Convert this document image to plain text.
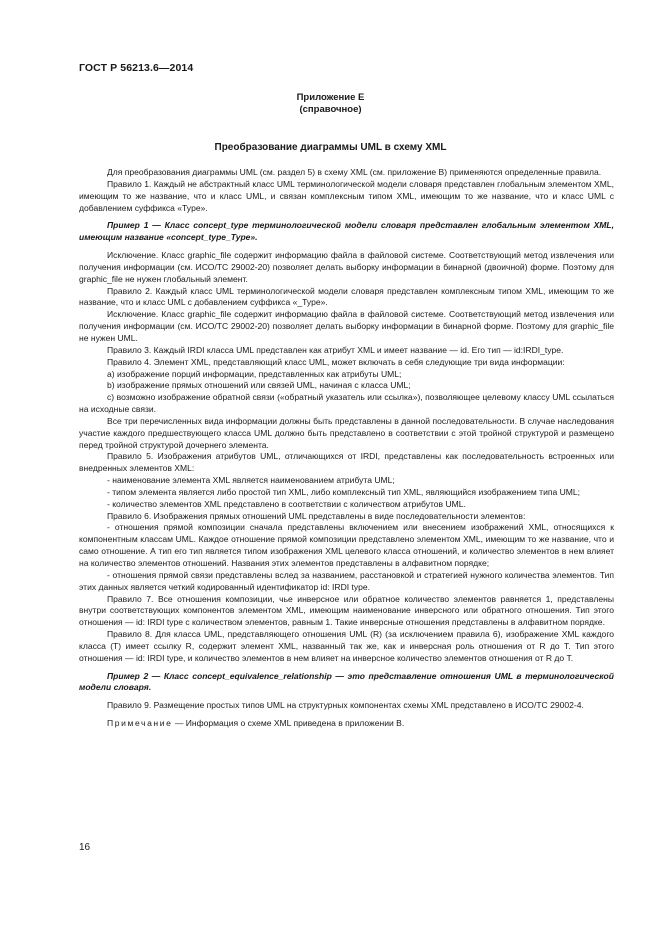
ГОСТ Р 56213.6—2014
Приложение Е
(справочное)
Преобразование диаграммы UML в схему XML

Для преобразования диаграммы UML (см. раздел 5) в схему XML (см. приложение В) применяются определенные правила.

Правило 1. Каждый не абстрактный класс UML терминологической модели словаря представлен глобальным элементом XML, имеющим то же название, что и класс UML, и связан комплексным типом XML, имеющим то же название, что и класс UML с добавлением суффикса «Type».

Пример 1 — Класс concept_type терминологической модели словаря представлен глобальным элементом XML, имеющим название «concept_type_Type».

Исключение. Класс graphic_file содержит информацию файла в файловой системе. Соответствующий метод извлечения или получения информации (см. ИСО/ТС 29002-20) позволяет делать выборку информации в бинарной (двоичной) форме. Поэтому для graphic_file не нужен глобальный элемент.

Правило 2. Каждый класс UML терминологической модели словаря представлен комплексным типом XML, имеющим то же название, что и класс UML с добавлением суффикса «_Type».

Исключение. Класс graphic_file содержит информацию файла в файловой системе. Соответствующий метод извлечения или получения информации (см. ИСО/ТС 29002-20) позволяет делать выборку информации в бинарной форме. Поэтому для graphic_file не нужен UML.

Правило 3. Каждый IRDI класса UML представлен как атрибут XML и имеет название — id. Его тип — id:IRDI_type.

Правило 4. Элемент XML, представляющий класс UML, может включать в себя следующие три вида информации:

a) изображение порций информации, представленных как атрибуты UML;

b) изображение прямых отношений или связей UML, начиная с класса UML;

c) возможно изображение обратной связи («обратный указатель или ссылка»), позволяющее целевому классу UML ссылаться на исходные связи.

Все три перечисленных вида информации должны быть представлены в данной последовательности. В случае наследования участие каждого предшествующего класса UML должно быть представлено в соответствии с этой тройной структурой и размещено перед тройной структурой дочернего элемента.

Правило 5. Изображения атрибутов UML, отличающихся от IRDI, представлены как последовательность встроенных или внедренных элементов XML:

- наименование элемента XML является наименованием атрибута UML;

- типом элемента является либо простой тип XML, либо комплексный тип XML, являющийся изображением типа UML;

- количество элементов XML представлено в соответствии с количеством атрибутов UML.

Правило 6. Изображения прямых отношений UML представлены в виде последовательности элементов:

- отношения прямой композиции сначала представлены включением или внесением изображений XML, относящихся к компонентным классам UML. Каждое отношение прямой композиции представлено элементом XML, имеющим то же название, что и само отношение. А тип его тип является типом изображения XML целевого класса отношений, и количество элементов в нем влияет на количество элементов отношений. Названия этих элементов представлены в алфавитном порядке;

- отношения прямой связи представлены вслед за названием, расстановкой и стратегией нужного количества элементов. Тип этих данных является четкий кодированный идентификатор id: IRDI type.

Правило 7. Все отношения композиции, чье инверсное или обратное количество элементов равняется 1, представлены внутри соответствующих компонентов элементом XML, имеющим наименование инверсного или обратного отношения. Тип этого отношения — id: IRDI type с количеством элементов, равным 1. Такие инверсные отношения представлены в алфавитном порядке.

Правило 8. Для класса UML, представляющего отношения UML (R) (за исключением правила 6), изображение XML каждого класса (T) имеет ссылку R, содержит элемент XML, названный так же, как и инверсная роль отношения от R до T. Тип этого отношения — id: IRDI type, и количество элементов в нем влияет на инверсное количество элементов отношения от R до T.

Пример 2 — Класс concept_equivalence_relationship — это представление отношения UML в терминологической модели словаря.

Правило 9. Размещение простых типов UML на структурных компонентах схемы XML представлено в ИСО/ТС 29002-4.

Примечание — Информация о схеме XML приведена в приложении В.

16
